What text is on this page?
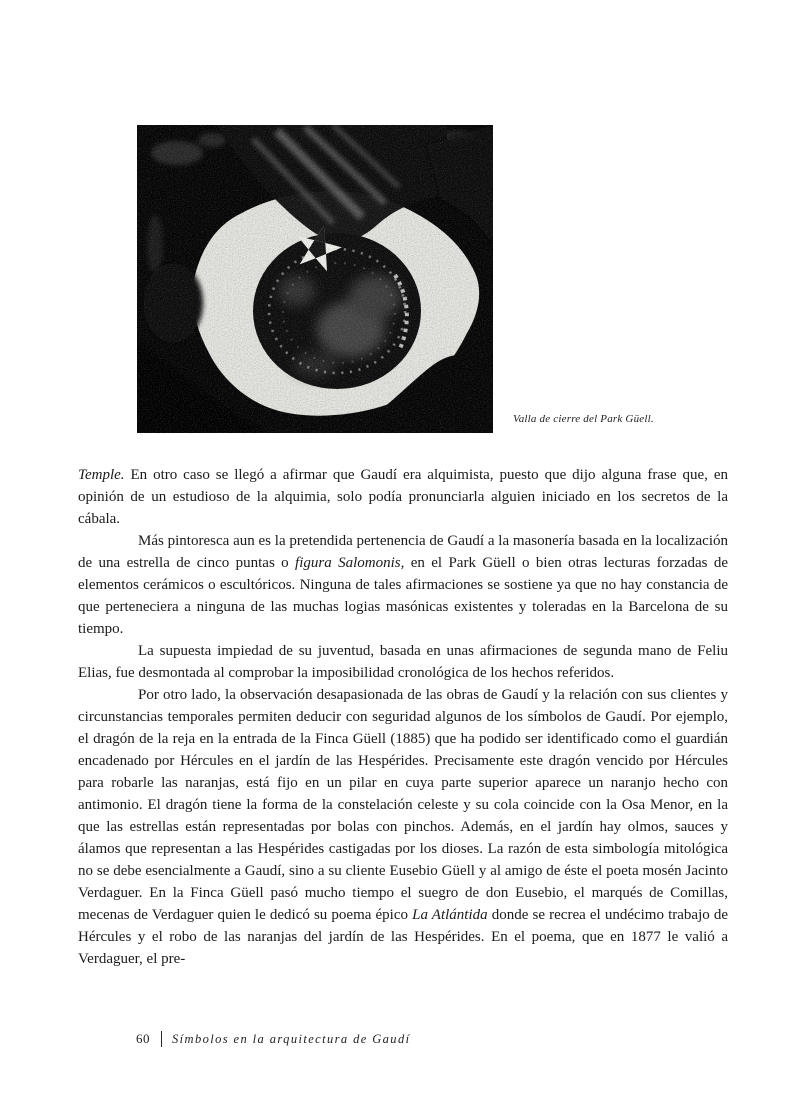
Valla de cierre del Park Güell.

Temple. En otro caso se llegó a afirmar que Gaudí era alquimista, puesto que dijo alguna frase que, en opinión de un estudioso de la alquimia, solo podía pronunciarla alguien iniciado en los secretos de la cábala.

Más pintoresca aun es la pretendida pertenencia de Gaudí a la masonería basada en la localización de una estrella de cinco puntas o figura Salomonis, en el Park Güell o bien otras lecturas forzadas de elementos cerámicos o escultóricos. Ninguna de tales afirmaciones se sostiene ya que no hay constancia de que perteneciera a ninguna de las muchas logias masónicas existentes y toleradas en la Barcelona de su tiempo.

La supuesta impiedad de su juventud, basada en unas afirmaciones de segunda mano de Feliu Elias, fue desmontada al comprobar la imposibilidad cronológica de los hechos referidos.

Por otro lado, la observación desapasionada de las obras de Gaudí y la relación con sus clientes y circunstancias temporales permiten deducir con seguridad algunos de los símbolos de Gaudí. Por ejemplo, el dragón de la reja en la entrada de la Finca Güell (1885) que ha podido ser identificado como el guardián encadenado por Hércules en el jardín de las Hespérides. Precisamente este dragón vencido por Hércules para robarle las naranjas, está fijo en un pilar en cuya parte superior aparece un naranjo hecho con antimonio. El dragón tiene la forma de la constelación celeste y su cola coincide con la Osa Menor, en la que las estrellas están representadas por bolas con pinchos. Además, en el jardín hay olmos, sauces y álamos que representan a las Hespérides castigadas por los dioses. La razón de esta simbología mitológica no se debe esencialmente a Gaudí, sino a su cliente Eusebio Güell y al amigo de éste el poeta mosén Jacinto Verdaguer. En la Finca Güell pasó mucho tiempo el suegro de don Eusebio, el marqués de Comillas, mecenas de Verdaguer quien le dedicó su poema épico La Atlántida donde se recrea el undécimo trabajo de Hércules y el robo de las naranjas del jardín de las Hespérides. En el poema, que en 1877 le valió a Verdaguer, el pre-

60 Símbolos en la arquitectura de Gaudí
